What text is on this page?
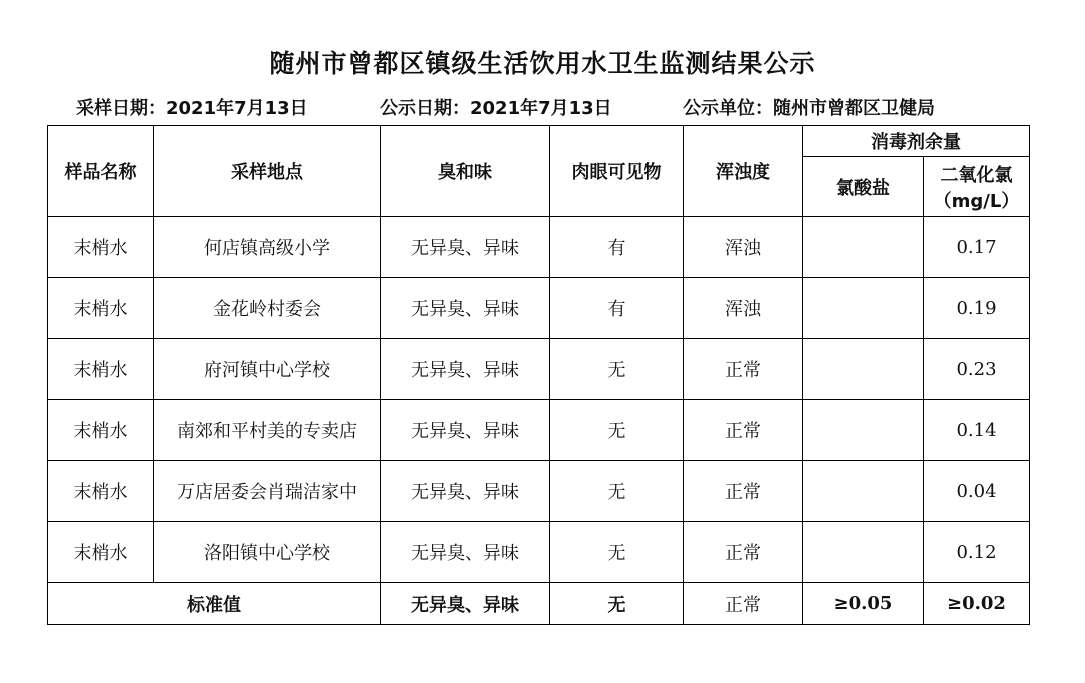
随州市曾都区镇级生活饮用水卫生监测结果公示
采样日期：2021年7月13日	公示日期：2021年7月13日	公示单位：随州市曾都区卫健局
样品名称	采样地点	臭和味	肉眼可见物	浑浊度	消毒剂余量	
					氯酸盐	二氧化氯
（mg/L）

末梢水	何店镇高级小学	无异臭、异味	有	浑浊		0.17
末梢水	金花岭村委会	无异臭、异味	有	浑浊		0.19
末梢水	府河镇中心学校	无异臭、异味	无	正常		0.23
末梢水	南郊和平村美的专卖店	无异臭、异味	无	正常		0.14
末梢水	万店居委会肖瑞洁家中	无异臭、异味	无	正常		0.04
末梢水	洛阳镇中心学校	无异臭、异味	无	正常		0.12
标准值		无异臭、异味	无	正常	≥0.05	≥0.02
